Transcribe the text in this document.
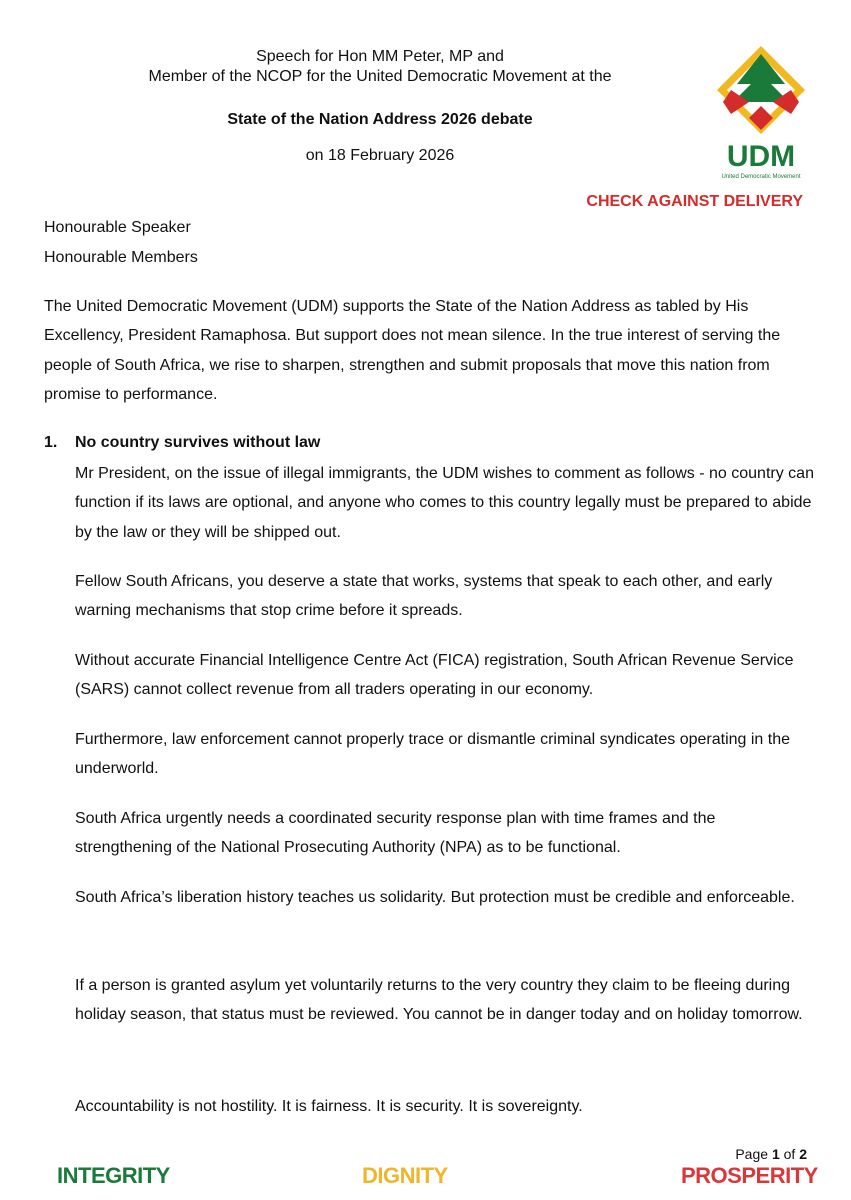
Speech for Hon MM Peter, MP and
Member of the NCOP for the United Democratic Movement at the
State of the Nation Address 2026 debate
on 18 February 2026	UDM
United Democratic Movement
CHECK AGAINST DELIVERY
Honourable Speaker
Honourable Members
The United Democratic Movement (UDM) supports the State of the Nation Address as tabled by His Excellency, President Ramaphosa. But support does not mean silence. In the true interest of serving the people of South Africa, we rise to sharpen, strengthen and submit proposals that move this nation from promise to performance.
1. No country survives without law
Mr President, on the issue of illegal immigrants, the UDM wishes to comment as follows - no country can function if its laws are optional, and anyone who comes to this country legally must be prepared to abide by the law or they will be shipped out.
Fellow South Africans, you deserve a state that works, systems that speak to each other, and early warning mechanisms that stop crime before it spreads.
Without accurate Financial Intelligence Centre Act (FICA) registration, South African Revenue Service (SARS) cannot collect revenue from all traders operating in our economy.
Furthermore, law enforcement cannot properly trace or dismantle criminal syndicates operating in the underworld.
South Africa urgently needs a coordinated security response plan with time frames and the strengthening of the National Prosecuting Authority (NPA) as to be functional.
South Africa’s liberation history teaches us solidarity. But protection must be credible and enforceable.
If a person is granted asylum yet voluntarily returns to the very country they claim to be fleeing during holiday season, that status must be reviewed. You cannot be in danger today and on holiday tomorrow.
Accountability is not hostility. It is fairness. It is security. It is sovereignty.
Page 1 of 2
INTEGRITY	DIGNITY	PROSPERITY
